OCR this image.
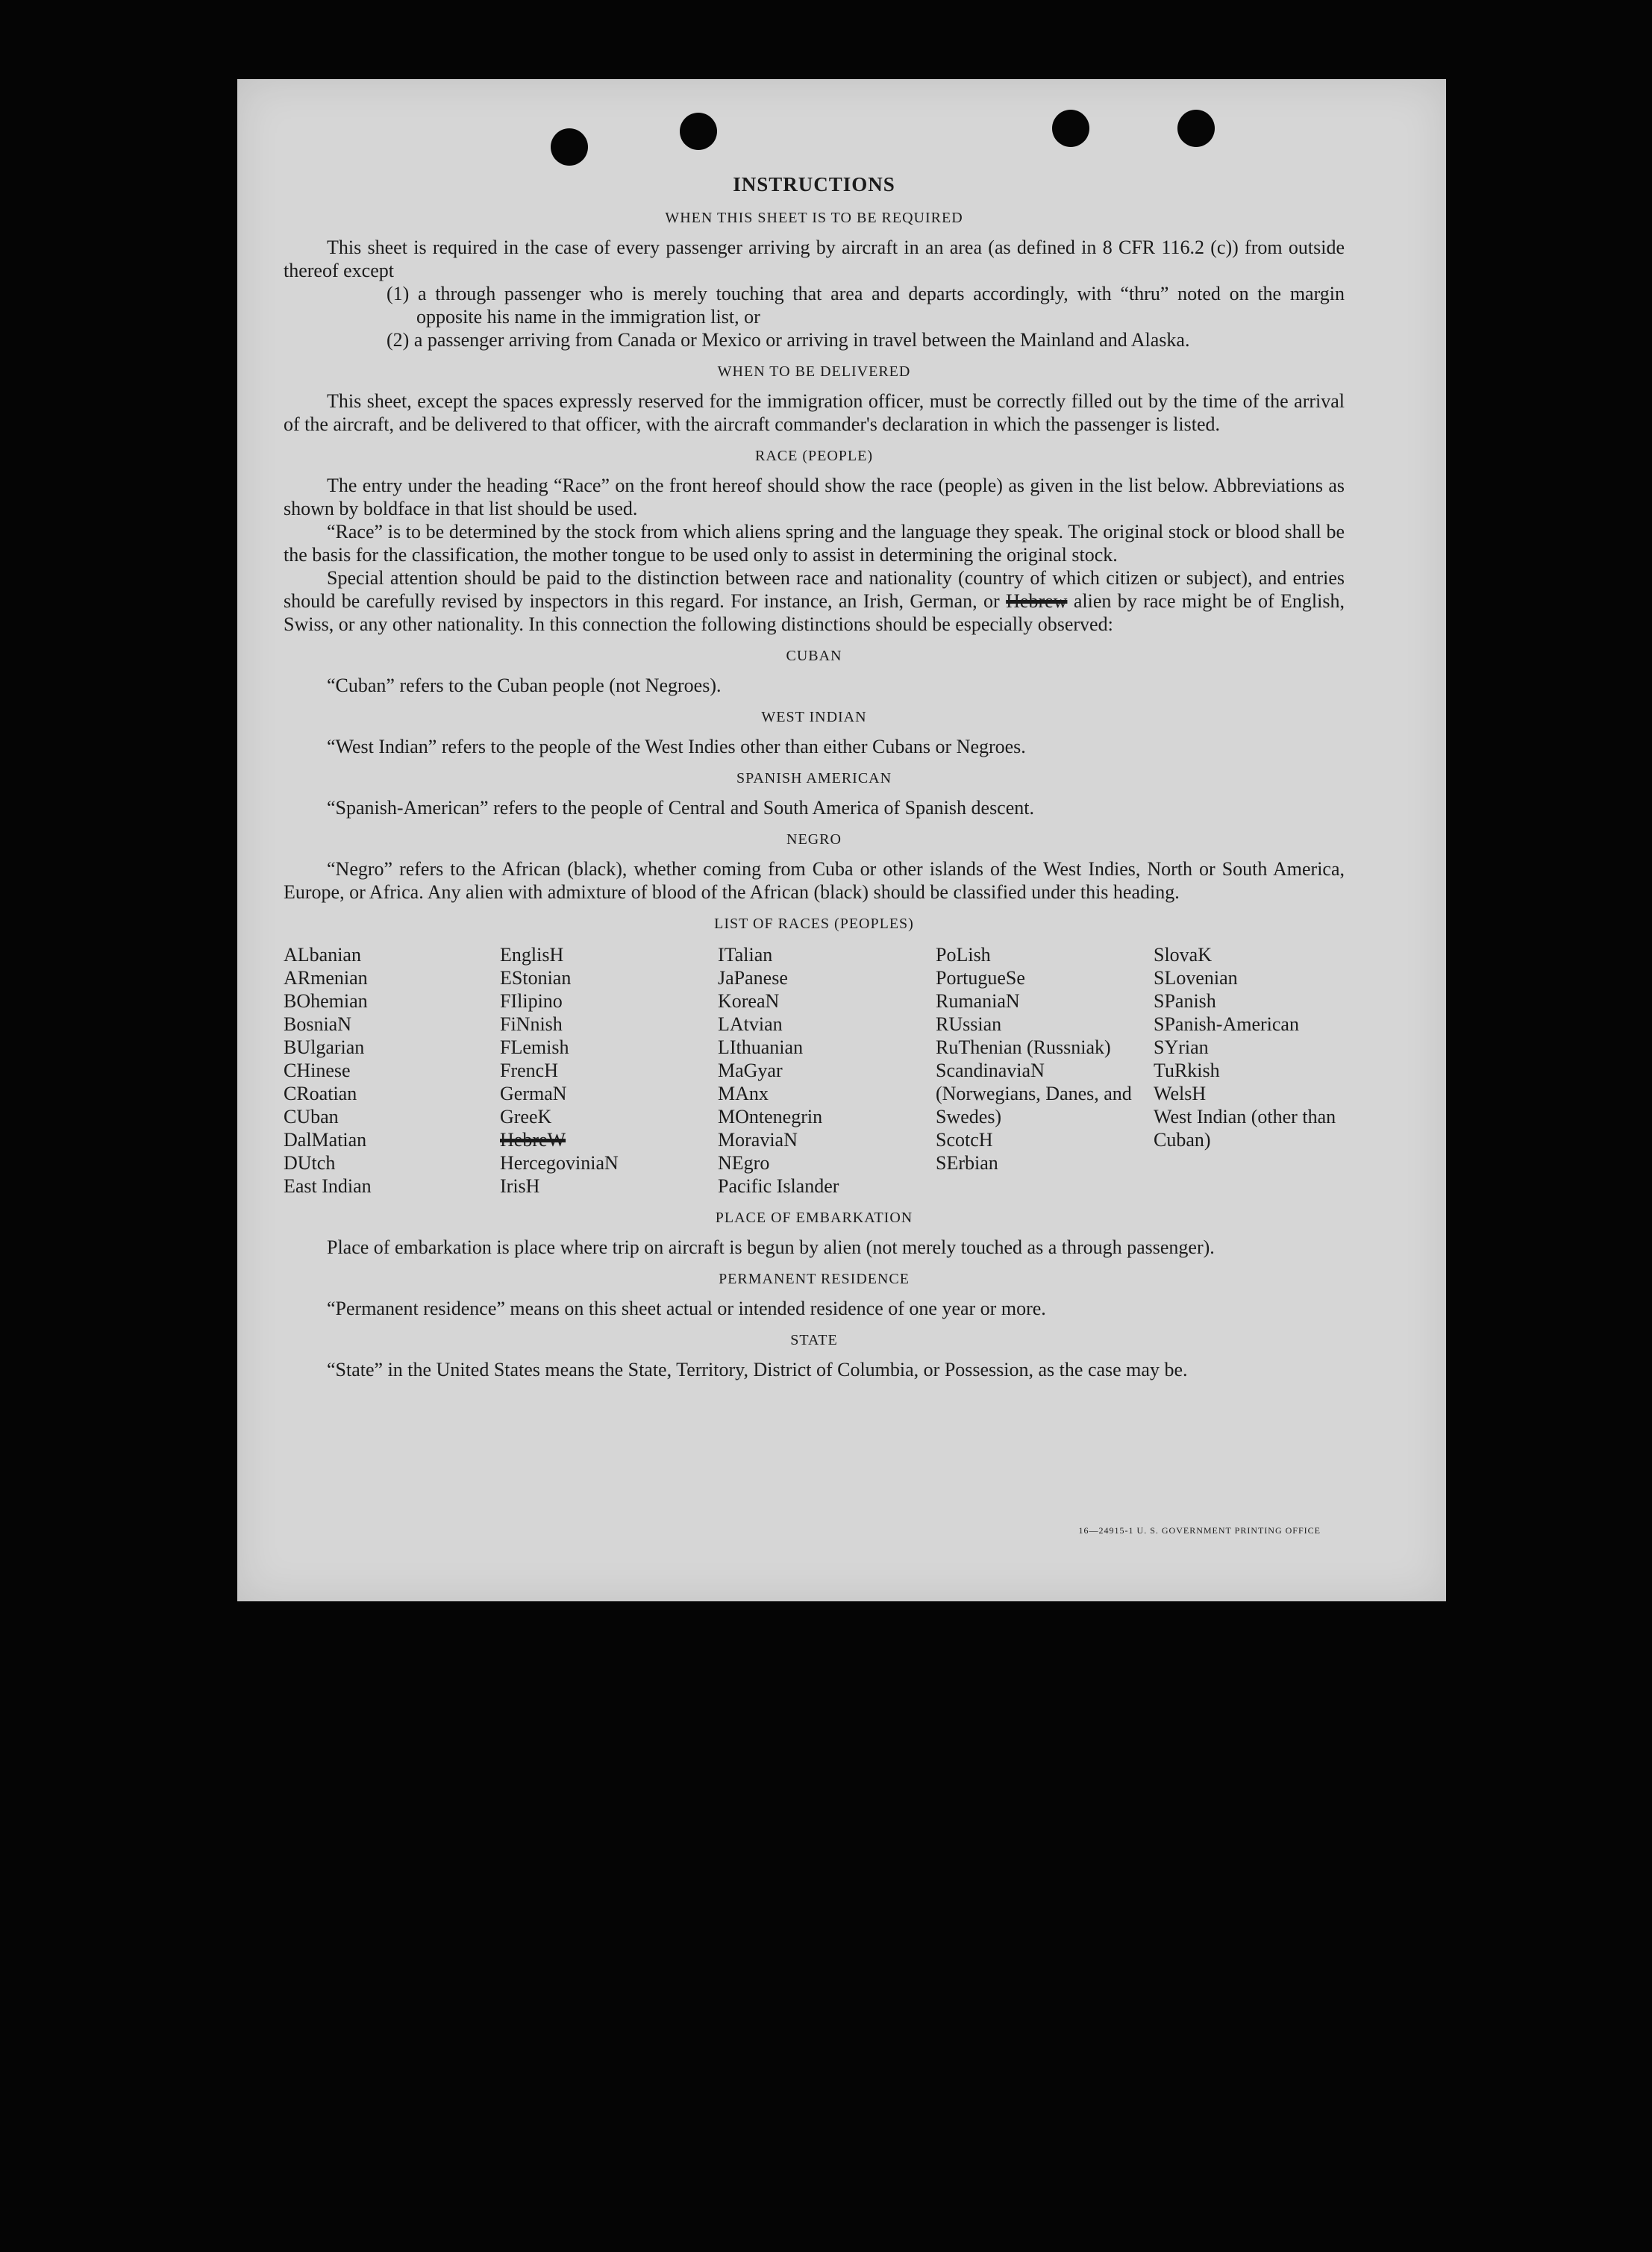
INSTRUCTIONS
WHEN THIS SHEET IS TO BE REQUIRED

This sheet is required in the case of every passenger arriving by aircraft in an area (as defined in 8 CFR 116.2 (c)) from outside thereof except

(1) a through passenger who is merely touching that area and departs accordingly, with “thru” noted on the margin opposite his name in the immigration list, or

(2) a passenger arriving from Canada or Mexico or arriving in travel between the Mainland and Alaska.

WHEN TO BE DELIVERED

This sheet, except the spaces expressly reserved for the immigration officer, must be correctly filled out by the time of the arrival of the aircraft, and be delivered to that officer, with the aircraft commander's declaration in which the passenger is listed.

RACE (PEOPLE)

The entry under the heading “Race” on the front hereof should show the race (people) as given in the list below. Abbreviations as shown by boldface in that list should be used.

“Race” is to be determined by the stock from which aliens spring and the language they speak. The original stock or blood shall be the basis for the classification, the mother tongue to be used only to assist in determining the original stock.

Special attention should be paid to the distinction between race and nationality (country of which citizen or subject), and entries should be carefully revised by inspectors in this regard. For instance, an Irish, German, or Hebrew alien by race might be of English, Swiss, or any other nationality. In this connection the following distinctions should be especially observed:

CUBAN

“Cuban” refers to the Cuban people (not Negroes).

WEST INDIAN

“West Indian” refers to the people of the West Indies other than either Cubans or Negroes.

SPANISH AMERICAN

“Spanish-American” refers to the people of Central and South America of Spanish descent.

NEGRO

“Negro” refers to the African (black), whether coming from Cuba or other islands of the West Indies, North or South America, Europe, or Africa. Any alien with admixture of blood of the African (black) should be classified under this heading.

LIST OF RACES (PEOPLES)
ALbanian
ARmenian
BOhemian
BosniaN
BUlgarian
CHinese
CRoatian
CUban
DalMatian
DUtch
East Indian
EnglisH
EStonian
FIlipino
FiNnish
FLemish
FrencH
GermaN
GreeK
HebreW
HercegoviniaN
IrisH
ITalian
JaPanese
KoreaN
LAtvian
LIthuanian
MaGyar
MAnx
MOntenegrin
MoraviaN
NEgro
Pacific Islander
PoLish
PortugueSe
RumaniaN
RUssian
RuThenian (Russniak)
ScandinaviaN (Norwegians, Danes, and Swedes)
ScotcH
SErbian
SlovaK
SLovenian
SPanish
SPanish-American
SYrian
TuRkish
WelsH
West Indian (other than Cuban)
PLACE OF EMBARKATION

Place of embarkation is place where trip on aircraft is begun by alien (not merely touched as a through passenger).

PERMANENT RESIDENCE

“Permanent residence” means on this sheet actual or intended residence of one year or more.

STATE

“State” in the United States means the State, Territory, District of Columbia, or Possession, as the case may be.

16—24915-1 U. S. GOVERNMENT PRINTING OFFICE
